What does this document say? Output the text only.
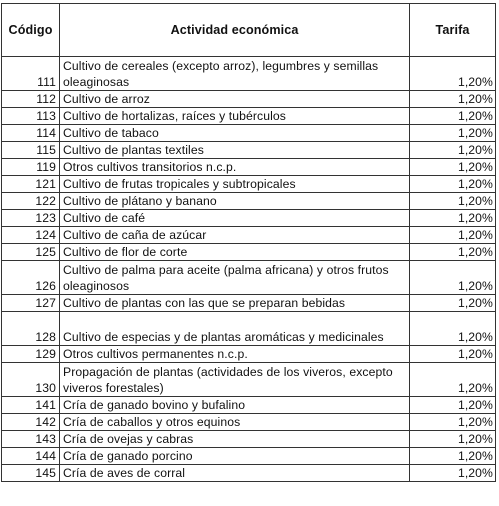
Código	Actividad económica	Tarifa
111	Cultivo de cereales (excepto arroz), legumbres y semillas oleaginosas	1,20%
112	Cultivo de arroz	1,20%
113	Cultivo de hortalizas, raíces y tubérculos	1,20%
114	Cultivo de tabaco	1,20%
115	Cultivo de plantas textiles	1,20%
119	Otros cultivos transitorios n.c.p.	1,20%
121	Cultivo de frutas tropicales y subtropicales	1,20%
122	Cultivo de plátano y banano	1,20%
123	Cultivo de café	1,20%
124	Cultivo de caña de azúcar	1,20%
125	Cultivo de flor de corte	1,20%
126	Cultivo de palma para aceite (palma africana) y otros frutos oleaginosos	1,20%
127	Cultivo de plantas con las que se preparan bebidas	1,20%
128	Cultivo de especias y de plantas aromáticas y medicinales	1,20%
129	Otros cultivos permanentes n.c.p.	1,20%
130	Propagación de plantas (actividades de los viveros, excepto viveros forestales)	1,20%
141	Cría de ganado bovino y bufalino	1,20%
142	Cría de caballos y otros equinos	1,20%
143	Cría de ovejas y cabras	1,20%
144	Cría de ganado porcino	1,20%
145	Cría de aves de corral	1,20%
